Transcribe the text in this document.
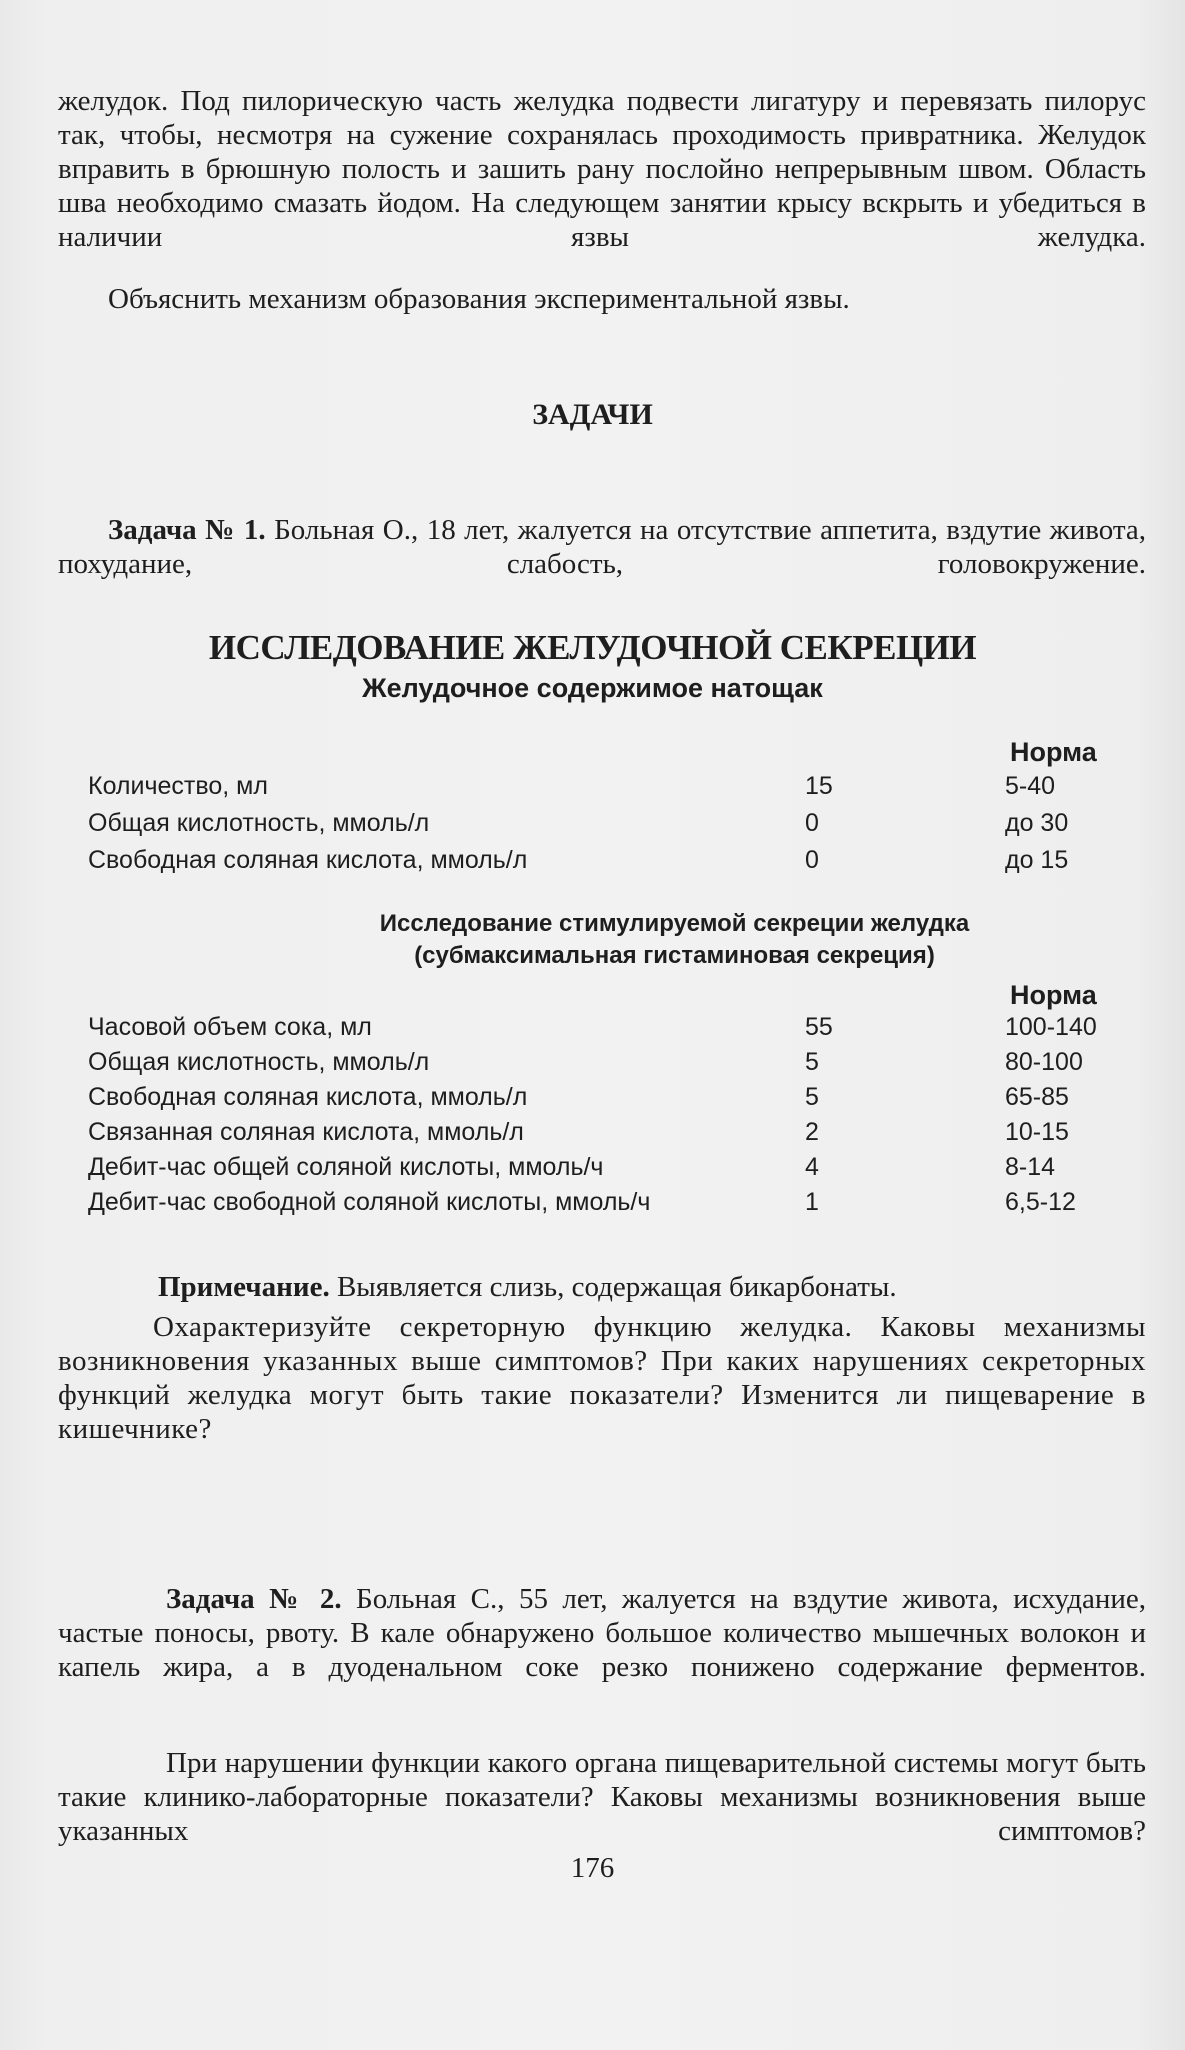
желудок. Под пилорическую часть желудка подвести лигатуру и перевязать пилорус так, чтобы, несмотря на сужение сохранялась проходимость привратника. Желудок вправить в брюшную полость и зашить рану послойно непрерывным швом. Область шва необходимо смазать йодом. На следующем занятии крысу вскрыть и убедиться в наличии язвы желудка.
Объяснить механизм образования экспериментальной язвы.
ЗАДАЧИ
Задача № 1. Больная О., 18 лет, жалуется на отсутствие аппетита, вздутие живота, похудание, слабость, головокружение.
ИССЛЕДОВАНИЕ ЖЕЛУДОЧНОЙ СЕКРЕЦИИ
Желудочное содержимое натощак
Норма
Количество, мл	15	5-40
Общая кислотность, ммоль/л	0	до 30
Свободная соляная кислота, ммоль/л	0	до 15
Исследование стимулируемой секреции желудка
(субмаксимальная гистаминовая секреция)
Норма
Часовой объем сока, мл	55	100-140
Общая кислотность, ммоль/л	5	80-100
Свободная соляная кислота, ммоль/л	5	65-85
Связанная соляная кислота, ммоль/л	2	10-15
Дебит-час общей соляной кислоты, ммоль/ч	4	8-14
Дебит-час свободной соляной кислоты, ммоль/ч	1	6,5-12
Примечание. Выявляется слизь, содержащая бикарбонаты.
Охарактеризуйте секреторную функцию желудка. Каковы механизмы возникновения указанных выше симптомов? При каких нарушениях секреторных функций желудка могут быть такие показатели? Изменится ли пищеварение в кишечнике?
Задача № 2. Больная С., 55 лет, жалуется на вздутие живота, исхудание, частые поносы, рвоту. В кале обнаружено большое количество мышечных волокон и капель жира, а в дуоденальном соке резко понижено содержание ферментов.
При нарушении функции какого органа пищеварительной системы могут быть такие клинико-лабораторные показатели? Каковы механизмы возникновения выше указанных симптомов?
176
